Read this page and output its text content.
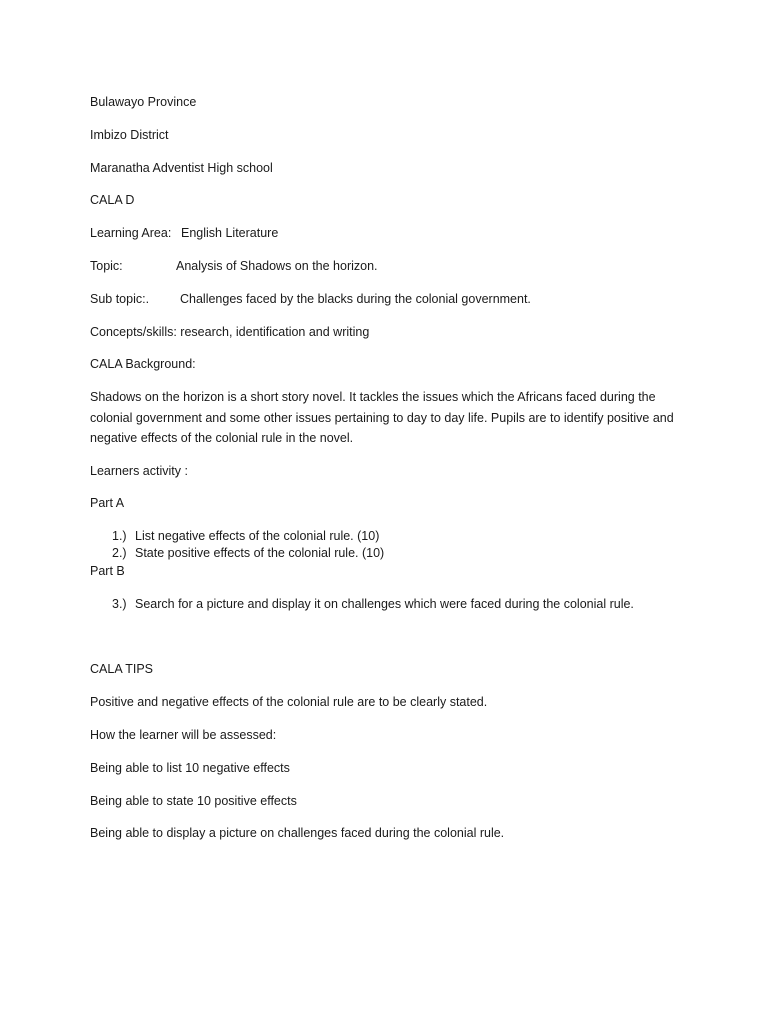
Bulawayo Province
Imbizo District
Maranatha Adventist High school
CALA D
Learning Area: English Literature
Topic:	Analysis of Shadows on the horizon.
Sub topic:. Challenges faced by the blacks during the colonial government.
Concepts/skills: research, identification and writing
CALA Background:
Shadows on the horizon is a short story novel. It tackles the issues which the Africans faced during the colonial government and some other issues pertaining to day to day life. Pupils are to identify positive and negative effects of the colonial rule in the novel.
Learners activity :
Part A
1.) List negative effects of the colonial rule. (10)
2.) State positive effects of the colonial rule. (10)
Part B
3.) Search for a picture and display it on challenges which were faced during the colonial rule.
CALA TIPS
Positive and negative effects of the colonial rule are to be clearly stated.
How the learner will be assessed:
Being able to list 10 negative effects
Being able to state 10 positive effects
Being able to display a picture on challenges faced during the colonial rule.
